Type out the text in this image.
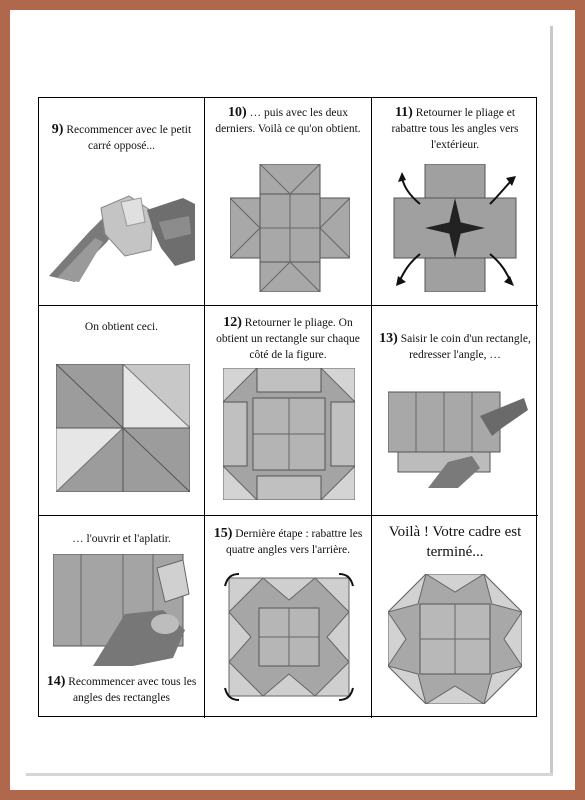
9) Recommencer avec le petit carré opposé...
10) … puis avec les deux derniers. Voilà ce qu'on obtient.
11) Retourner le pliage et rabattre tous les angles vers l'extérieur.
On obtient ceci.	12) Retourner le pliage. On obtient un rectangle sur chaque côté de la figure.
13) Saisir le coin d'un rectangle, redresser l'angle, …
… l'ouvrir et l'aplatir.
14) Recommencer avec tous les angles des rectangles
15) Dernière étape : rabattre les quatre angles vers l'arrière.
Voilà ! Votre cadre est terminé...
